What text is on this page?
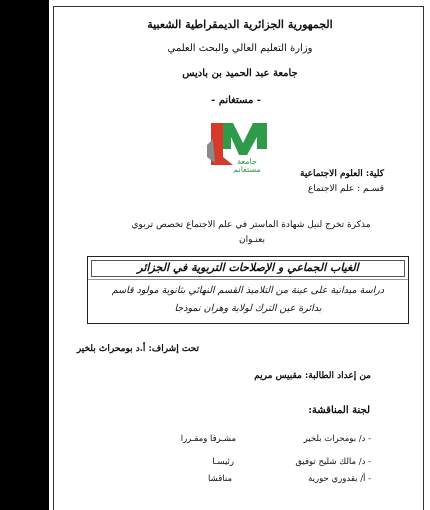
الجمهورية الجزائرية الديمقراطية الشعبية
وزارة التعليم العالي والبحث العلمي
جامعة عبد الحميد بن باديس
- مستغانم -
جامعة
مستغانم	كلية: العلوم الاجتماعية
قسـم : علم الاجتماع
مذكرة تخرج لنيل شهادة الماستر في علم الاجتماع تخصص تربوي
بعنـوان
الغياب الجماعي و الإصلاحات التربوية في الجزائر
دراسة ميدانية على عينة من التلاميذ القسم النهائي بثانوية مولود قاسم
بدائرة عين الترك لولاية وهران نموذجا
تحت إشراف: أ.د بومحراث بلخير
من إعداد الطالبة: مقبيس مريم
لجنة المناقشة:
- د/ بومحراث بلخير
مشـرفا ومقـررا
- د/ مالك شليح توفيق
رئيسـا
- أ/ بقدوري حورية
مناقشا
